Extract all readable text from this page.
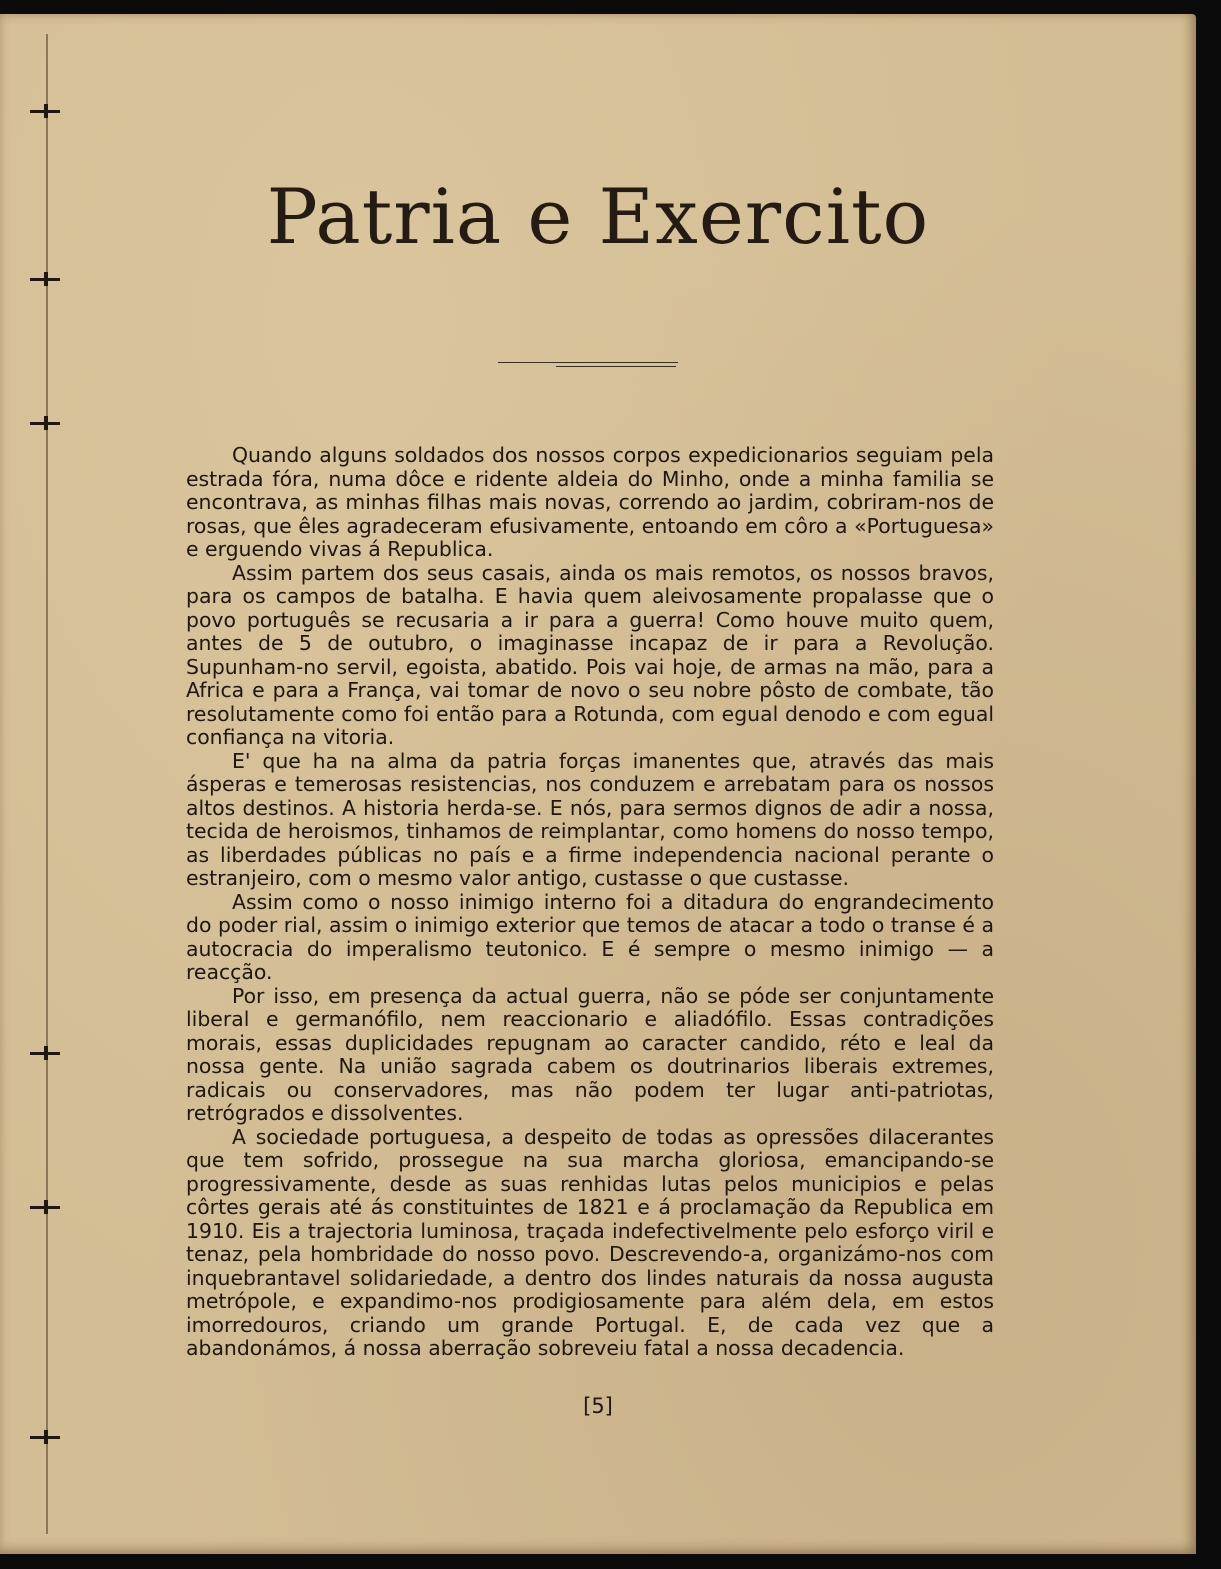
Patria e Exercito

Quando alguns soldados dos nossos corpos expedicionarios seguiam pela estrada fóra, numa dôce e ridente aldeia do Minho, onde a minha familia se encontrava, as minhas filhas mais novas, correndo ao jardim, cobriram-nos de rosas, que êles agradeceram efusivamente, entoando em côro a «Portuguesa» e erguendo vivas á Republica.

Assim partem dos seus casais, ainda os mais remotos, os nossos bravos, para os campos de batalha. E havia quem aleivosamente propalasse que o povo português se recusaria a ir para a guerra! Como houve muito quem, antes de 5 de outubro, o imaginasse incapaz de ir para a Revolução. Supunham-no servil, egoista, abatido. Pois vai hoje, de armas na mão, para a Africa e para a França, vai tomar de novo o seu nobre pôsto de combate, tão resolutamente como foi então para a Rotunda, com egual denodo e com egual confiança na vitoria.

E' que ha na alma da patria forças imanentes que, através das mais ásperas e temerosas resistencias, nos conduzem e arrebatam para os nossos altos destinos. A historia herda-se. E nós, para sermos dignos de adir a nossa, tecida de heroismos, tinhamos de reimplantar, como homens do nosso tempo, as liberdades públicas no país e a firme independencia nacional perante o estranjeiro, com o mesmo valor antigo, custasse o que custasse.

Assim como o nosso inimigo interno foi a ditadura do engrandecimento do poder rial, assim o inimigo exterior que temos de atacar a todo o transe é a autocracia do imperalismo teutonico. E é sempre o mesmo inimigo — a reacção.

Por isso, em presença da actual guerra, não se póde ser conjuntamente liberal e germanófilo, nem reaccionario e aliadófilo. Essas contradições morais, essas duplicidades repugnam ao caracter candido, réto e leal da nossa gente. Na união sagrada cabem os doutrinarios liberais extremes, radicais ou conservadores, mas não podem ter lugar anti-patriotas, retrógrados e dissolventes.

A sociedade portuguesa, a despeito de todas as opressões dilacerantes que tem sofrido, prossegue na sua marcha gloriosa, emancipando-se progressivamente, desde as suas renhidas lutas pelos municipios e pelas côrtes gerais até ás constituintes de 1821 e á proclamação da Republica em 1910. Eis a trajectoria luminosa, traçada indefectivelmente pelo esforço viril e tenaz, pela hombridade do nosso povo. Descrevendo-a, organizámo-nos com inquebrantavel solidariedade, a dentro dos lindes naturais da nossa augusta metrópole, e expandimo-nos prodigiosamente para além dela, em estos imorredouros, criando um grande Portugal. E, de cada vez que a abandonámos, á nossa aberração sobreveiu fatal a nossa decadencia.

[5]
